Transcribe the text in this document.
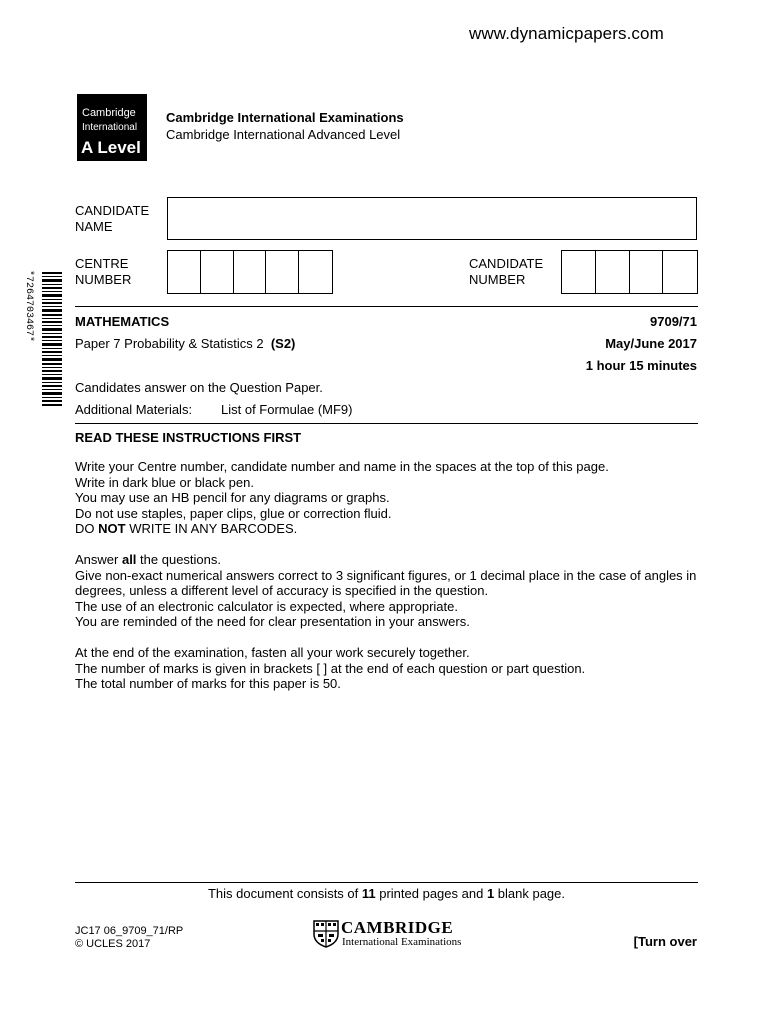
www.dynamicpapers.com
Cambridge
International
A Level
Cambridge International Examinations
Cambridge International Advanced Level
CANDIDATE
NAME
CENTRE
NUMBER
CANDIDATE
NUMBER
*7264703467*	MATHEMATICS	9709/71
Paper 7 Probability & Statistics 2 (S2)	May/June 2017
1 hour 15 minutes
Candidates answer on the Question Paper.
Additional Materials: List of Formulae (MF9)
READ THESE INSTRUCTIONS FIRST

Write your Centre number, candidate number and name in the spaces at the top of this page.
Write in dark blue or black pen.
You may use an HB pencil for any diagrams or graphs.
Do not use staples, paper clips, glue or correction fluid.
DO NOT WRITE IN ANY BARCODES.

Answer all the questions.
Give non-exact numerical answers correct to 3 significant figures, or 1 decimal place in the case of angles in degrees, unless a different level of accuracy is specified in the question.
The use of an electronic calculator is expected, where appropriate.
You are reminded of the need for clear presentation in your answers.

At the end of the examination, fasten all your work securely together.
The number of marks is given in brackets [ ] at the end of each question or part question.
The total number of marks for this paper is 50.

This document consists of 11 printed pages and 1 blank page.
JC17 06_9709_71/RP
© UCLES 2017
CAMBRIDGE
International Examinations	[Turn over
